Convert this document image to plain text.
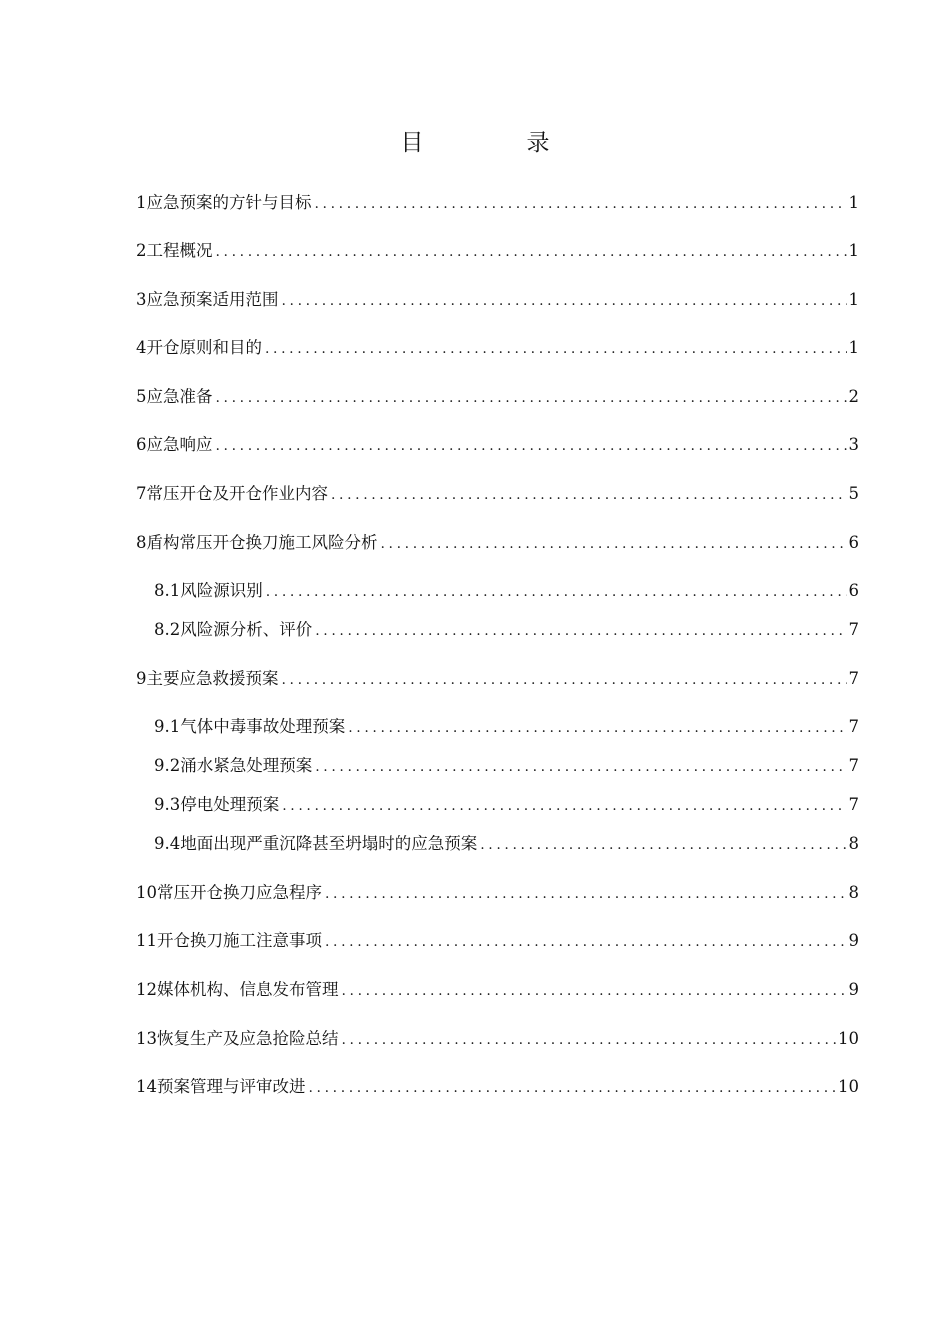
目　录
1应急预案的方针与目标 .....	1
2工程概况 .....	1
3应急预案适用范围 .....	1
4开仓原则和目的 .....	1
5应急准备 .....	2
6应急响应 .....	3
7常压开仓及开仓作业内容 .....	5
8盾构常压开仓换刀施工风险分析 .....	6
8.1风险源识别 .....	6
8.2风险源分析、评价 .....	7
9主要应急救援预案 .....	7
9.1气体中毒事故处理预案 .....	7
9.2涌水紧急处理预案 .....	7
9.3停电处理预案 .....	7
9.4地面出现严重沉降甚至坍塌时的应急预案 .....	8
10常压开仓换刀应急程序 .....	8
11开仓换刀施工注意事项 .....	9
12媒体机构、信息发布管理 .....	9
13恢复生产及应急抢险总结 .....	10
14预案管理与评审改进 .....	10
